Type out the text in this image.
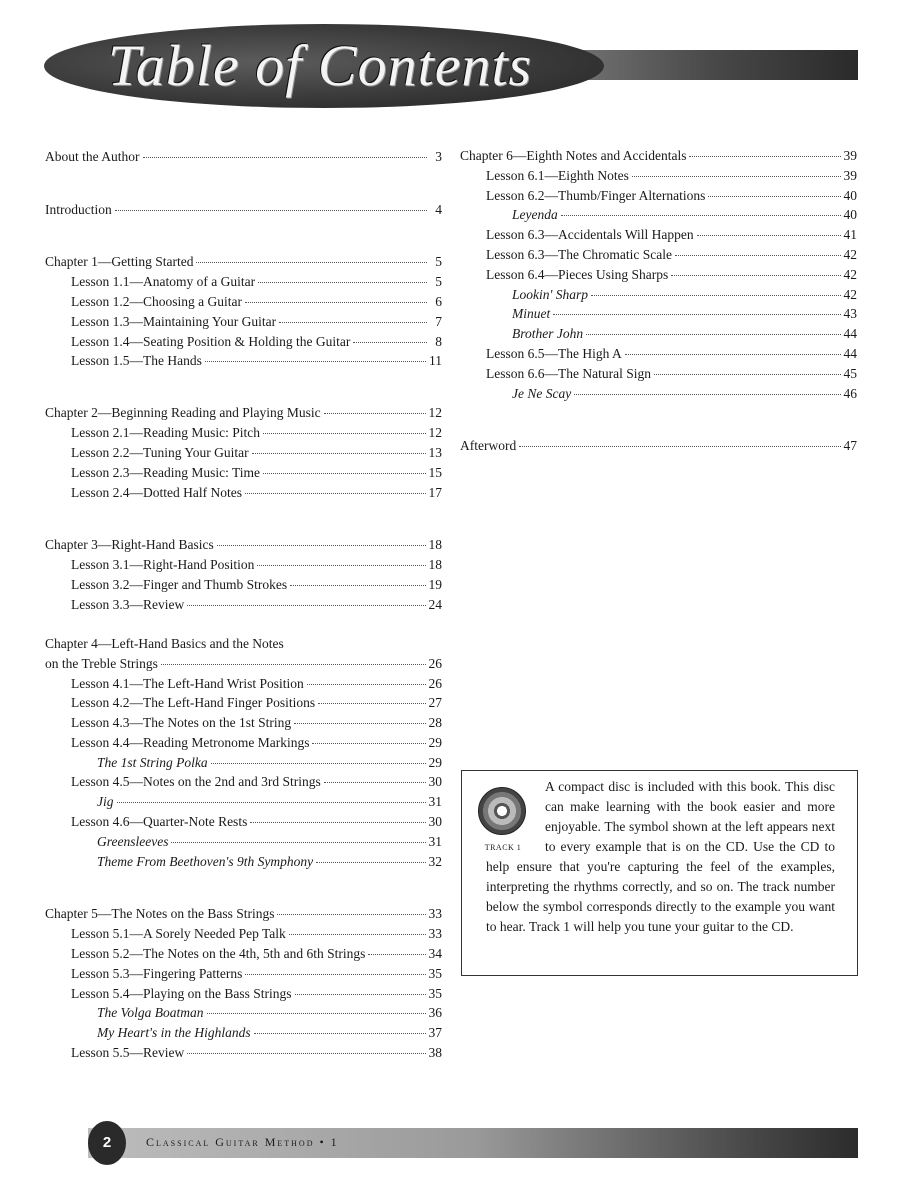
Table of Contents
About the Author	3
Introduction	4
Chapter 1—Getting Started	5
Lesson 1.1—Anatomy of a Guitar	5
Lesson 1.2—Choosing a Guitar	6
Lesson 1.3—Maintaining Your Guitar	7
Lesson 1.4—Seating Position & Holding the Guitar	8
Lesson 1.5—The Hands	11
Chapter 2—Beginning Reading and Playing Music	12
Lesson 2.1—Reading Music: Pitch	12
Lesson 2.2—Tuning Your Guitar	13
Lesson 2.3—Reading Music: Time	15
Lesson 2.4—Dotted Half Notes	17
Chapter 3—Right-Hand Basics	18
Lesson 3.1—Right-Hand Position	18
Lesson 3.2—Finger and Thumb Strokes	19
Lesson 3.3—Review	24
Chapter 4—Left-Hand Basics and the Notes
on the Treble Strings	26
Lesson 4.1—The Left-Hand Wrist Position	26
Lesson 4.2—The Left-Hand Finger Positions	27
Lesson 4.3—The Notes on the 1st String	28
Lesson 4.4—Reading Metronome Markings	29
The 1st String Polka	29
Lesson 4.5—Notes on the 2nd and 3rd Strings	30
Jig	31
Lesson 4.6—Quarter-Note Rests	30
Greensleeves	31
Theme From Beethoven's 9th Symphony	32
Chapter 5—The Notes on the Bass Strings	33
Lesson 5.1—A Sorely Needed Pep Talk	33
Lesson 5.2—The Notes on the 4th, 5th and 6th Strings	34
Lesson 5.3—Fingering Patterns	35
Lesson 5.4—Playing on the Bass Strings	35
The Volga Boatman	36
My Heart's in the Highlands	37
Lesson 5.5—Review	38
Chapter 6—Eighth Notes and Accidentals	39
Lesson 6.1—Eighth Notes	39
Lesson 6.2—Thumb/Finger Alternations	40
Leyenda	40
Lesson 6.3—Accidentals Will Happen	41
Lesson 6.3—The Chromatic Scale	42
Lesson 6.4—Pieces Using Sharps	42
Lookin' Sharp	42
Minuet	43
Brother John	44
Lesson 6.5—The High A	44
Lesson 6.6—The Natural Sign	45
Je Ne Scay	46
Afterword	47
TRACK 1
A compact disc is included with this book. This disc can make learning with the book easier and more enjoyable. The symbol shown at the left appears next to every example that is on the CD. Use the CD to help ensure that you're capturing the feel of the examples, interpreting the rhythms correctly, and so on. The track number below the symbol corresponds directly to the example you want to hear. Track 1 will help you tune your guitar to the CD.
2	Classical Guitar Method • 1
